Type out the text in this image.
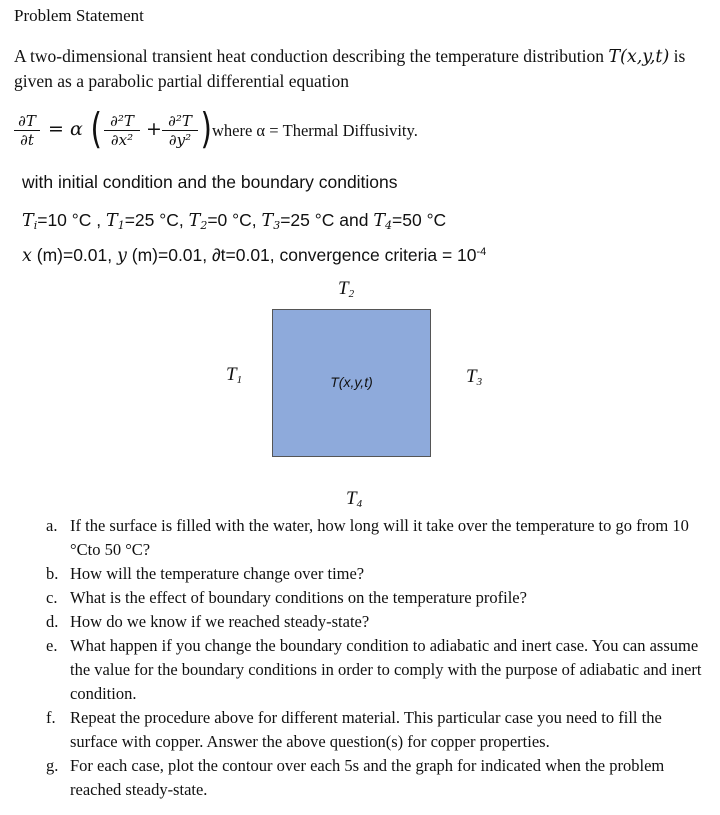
Problem Statement
A two-dimensional transient heat conduction describing the temperature distribution T(x,y,t) is given as a parabolic partial differential equation
$\frac{\partial T}{\partial t} = \alpha$ ( $\frac{\text{∂²T}}{\text{∂x²}} + \frac{\text{∂²T}}{\text{∂y²}}$ ) where α = Thermal Diffusivity.
with initial condition and the boundary conditions
$T_i=10$ °C , $T_1=25$ °C, $T_2=0$ °C, $T_3=25$ °C and $T_4=50$ °C
x (m)=0.01, y (m)=0.01, ∂t=0.01, convergence criteria = $10^{-4}$
$T_2$
$T_1$	$T_3$
T(x,y,t)
$T_4$
a. If the surface is filled with the water, how long will it take over the temperature to go from 10 °Cto 50 °C?
b. How will the temperature change over time?
c. What is the effect of boundary conditions on the temperature profile?
d. How do we know if we reached steady-state?
e. What happen if you change the boundary condition to adiabatic and inert case. You can assume the value for the boundary conditions in order to comply with the purpose of adiabatic and inert condition.
f. Repeat the procedure above for different material. This particular case you need to fill the surface with copper. Answer the above question(s) for copper properties.
g. For each case, plot the contour over each 5s and the graph for indicated when the problem reached steady-state.
